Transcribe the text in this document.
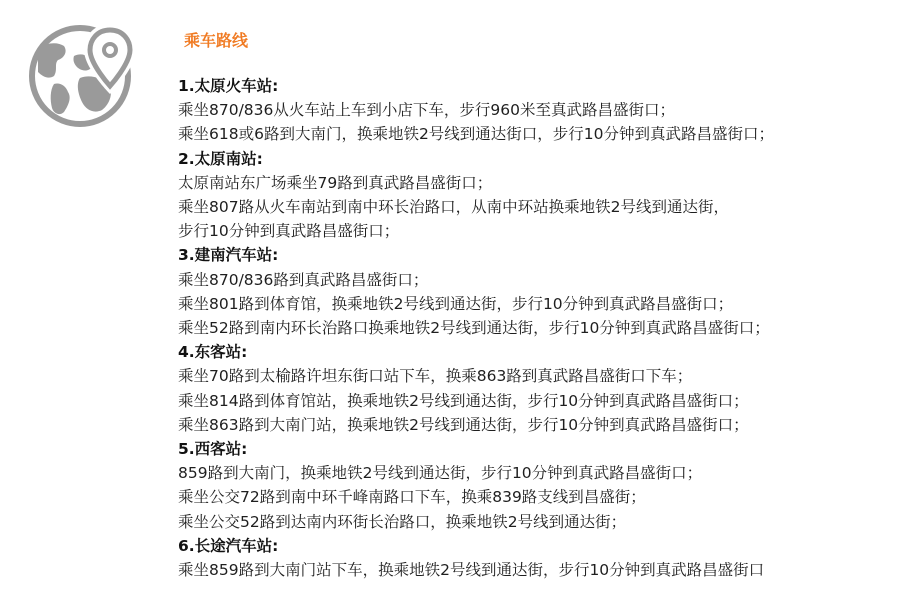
乘车路线
1.太原火车站:
乘坐870/836从火车站上车到小店下车，步行960米至真武路昌盛街口；
乘坐618或6路到大南门，换乘地铁2号线到通达街口，步行10分钟到真武路昌盛街口；
2.太原南站:
太原南站东广场乘坐79路到真武路昌盛街口；
乘坐807路从火车南站到南中环长治路口，从南中环站换乘地铁2号线到通达街，
步行10分钟到真武路昌盛街口；
3.建南汽车站:
乘坐870/836路到真武路昌盛街口；
乘坐801路到体育馆，换乘地铁2号线到通达街，步行10分钟到真武路昌盛街口；
乘坐52路到南内环长治路口换乘地铁2号线到通达街，步行10分钟到真武路昌盛街口；
4.东客站:
乘坐70路到太榆路许坦东街口站下车，换乘863路到真武路昌盛街口下车；
乘坐814路到体育馆站，换乘地铁2号线到通达街，步行10分钟到真武路昌盛街口；
乘坐863路到大南门站，换乘地铁2号线到通达街，步行10分钟到真武路昌盛街口；
5.西客站:
859路到大南门，换乘地铁2号线到通达街，步行10分钟到真武路昌盛街口；
乘坐公交72路到南中环千峰南路口下车，换乘839路支线到昌盛街；
乘坐公交52路到达南内环街长治路口，换乘地铁2号线到通达街；
6.长途汽车站:
乘坐859路到大南门站下车，换乘地铁2号线到通达街，步行10分钟到真武路昌盛街口
